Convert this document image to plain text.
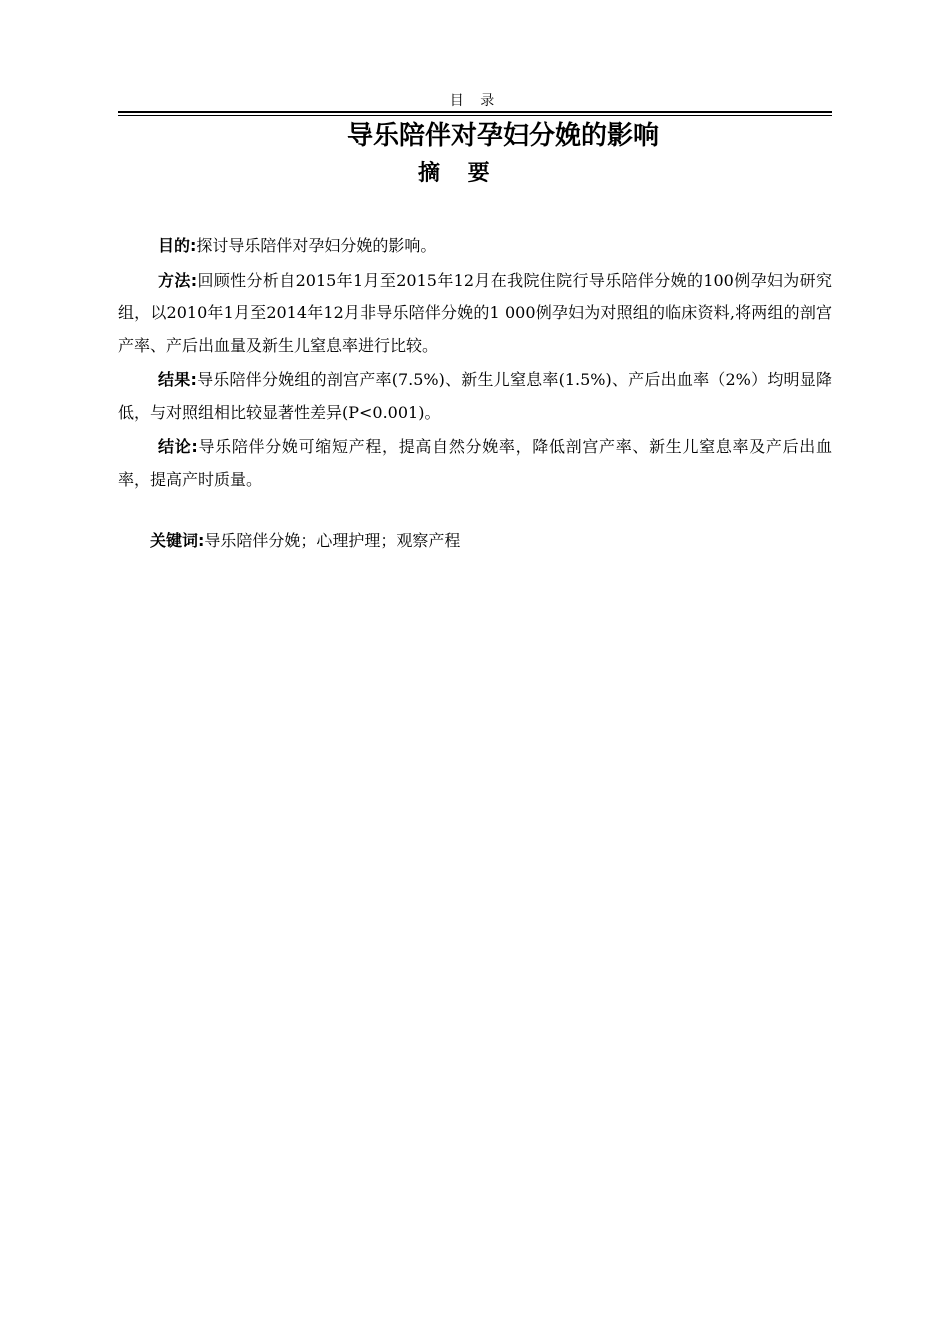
目 录
导乐陪伴对孕妇分娩的影响
摘 要

目的:探讨导乐陪伴对孕妇分娩的影响。

方法:回顾性分析自2015年1月至2015年12月在我院住院行导乐陪伴分娩的100例孕妇为研究组，以2010年1月至2014年12月非导乐陪伴分娩的1 000例孕妇为对照组的临床资料,将两组的剖宫产率、产后出血量及新生儿窒息率进行比较。

结果:导乐陪伴分娩组的剖宫产率(7.5%)、新生儿窒息率(1.5%)、产后出血率（2%）均明显降低，与对照组相比较显著性差异(P<0.001)。

结论:导乐陪伴分娩可缩短产程，提高自然分娩率，降低剖宫产率、新生儿窒息率及产后出血率，提高产时质量。

关键词:导乐陪伴分娩；心理护理；观察产程
